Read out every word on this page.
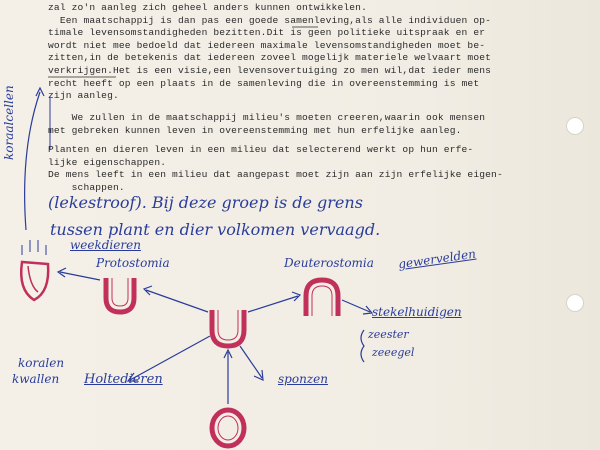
zal zo'n aanleg zich geheel anders kunnen ontwikkelen.

Een maatschappij is dan pas een goede samenleving,als alle individuen op-

timale levensomstandigheden bezitten.Dit is geen politieke uitspraak en er

wordt niet mee bedoeld dat iedereen maximale levensomstandigheden moet be-

zitten,in de betekenis dat iedereen zoveel mogelijk materiele welvaart moet

verkrijgen.Het is een visie,een levensovertuiging zo men wil,dat ieder mens

recht heeft op een plaats in de samenleving die in overeenstemming is met

zijn aanleg.

We zullen in de maatschappij milieu's moeten creeren,waarin ook mensen

met gebreken kunnen leven in overeenstemming met hun erfelijke aanleg.

Planten en dieren leven in een milieu dat selecterend werkt op hun erfe-

lijke eigenschappen.

De mens leeft in een milieu dat aangepast moet zijn aan zijn erfelijke eigen-

schappen.

(lekestroof). Bij deze groep is de grens
tussen plant en dier volkomen vervaagd.
koraalcellen
weekdieren
Protostomia	Deuterostomia gewervelden
stekelhuidigen
zeester
zeeegel
koralen
kwallen Holtedieren	sponzen
